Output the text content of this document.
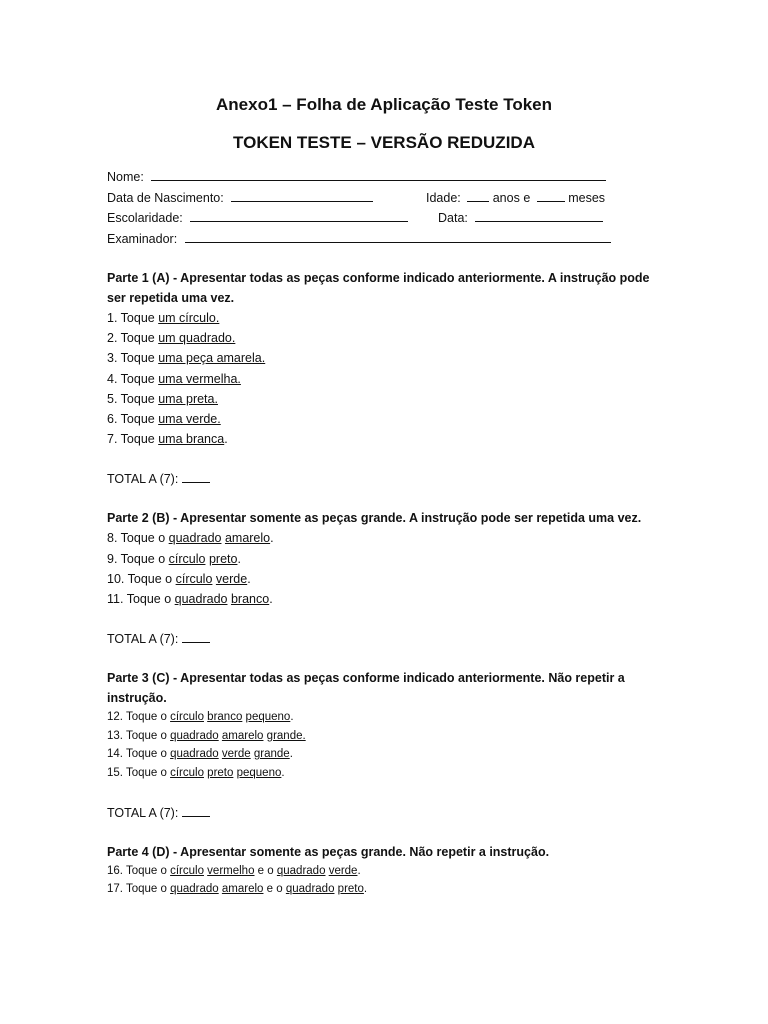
Anexo1 – Folha de Aplicação Teste Token
TOKEN TESTE – VERSÃO REDUZIDA
Nome:
Data de Nascimento:	Idade:	anos e	meses
Escolaridade:	Data:
Examinador:

Parte 1 (A) - Apresentar todas as peças conforme indicado anteriormente. A instrução pode ser repetida uma vez.

1. Toque um círculo.
2. Toque um quadrado.
3. Toque uma peça amarela.
4. Toque uma vermelha.
5. Toque uma preta.
6. Toque uma verde.
7. Toque uma branca.

TOTAL A (7):

Parte 2 (B) - Apresentar somente as peças grande. A instrução pode ser repetida uma vez.

8. Toque o quadrado amarelo.
9. Toque o círculo preto.
10. Toque o círculo verde.
11. Toque o quadrado branco.

TOTAL A (7):

Parte 3 (C) - Apresentar todas as peças conforme indicado anteriormente. Não repetir a instrução.

12. Toque o círculo branco pequeno.
13. Toque o quadrado amarelo grande.
14. Toque o quadrado verde grande.
15. Toque o círculo preto pequeno.

TOTAL A (7):

Parte 4 (D) - Apresentar somente as peças grande. Não repetir a instrução.

16. Toque o círculo vermelho e o quadrado verde.
17. Toque o quadrado amarelo e o quadrado preto.
